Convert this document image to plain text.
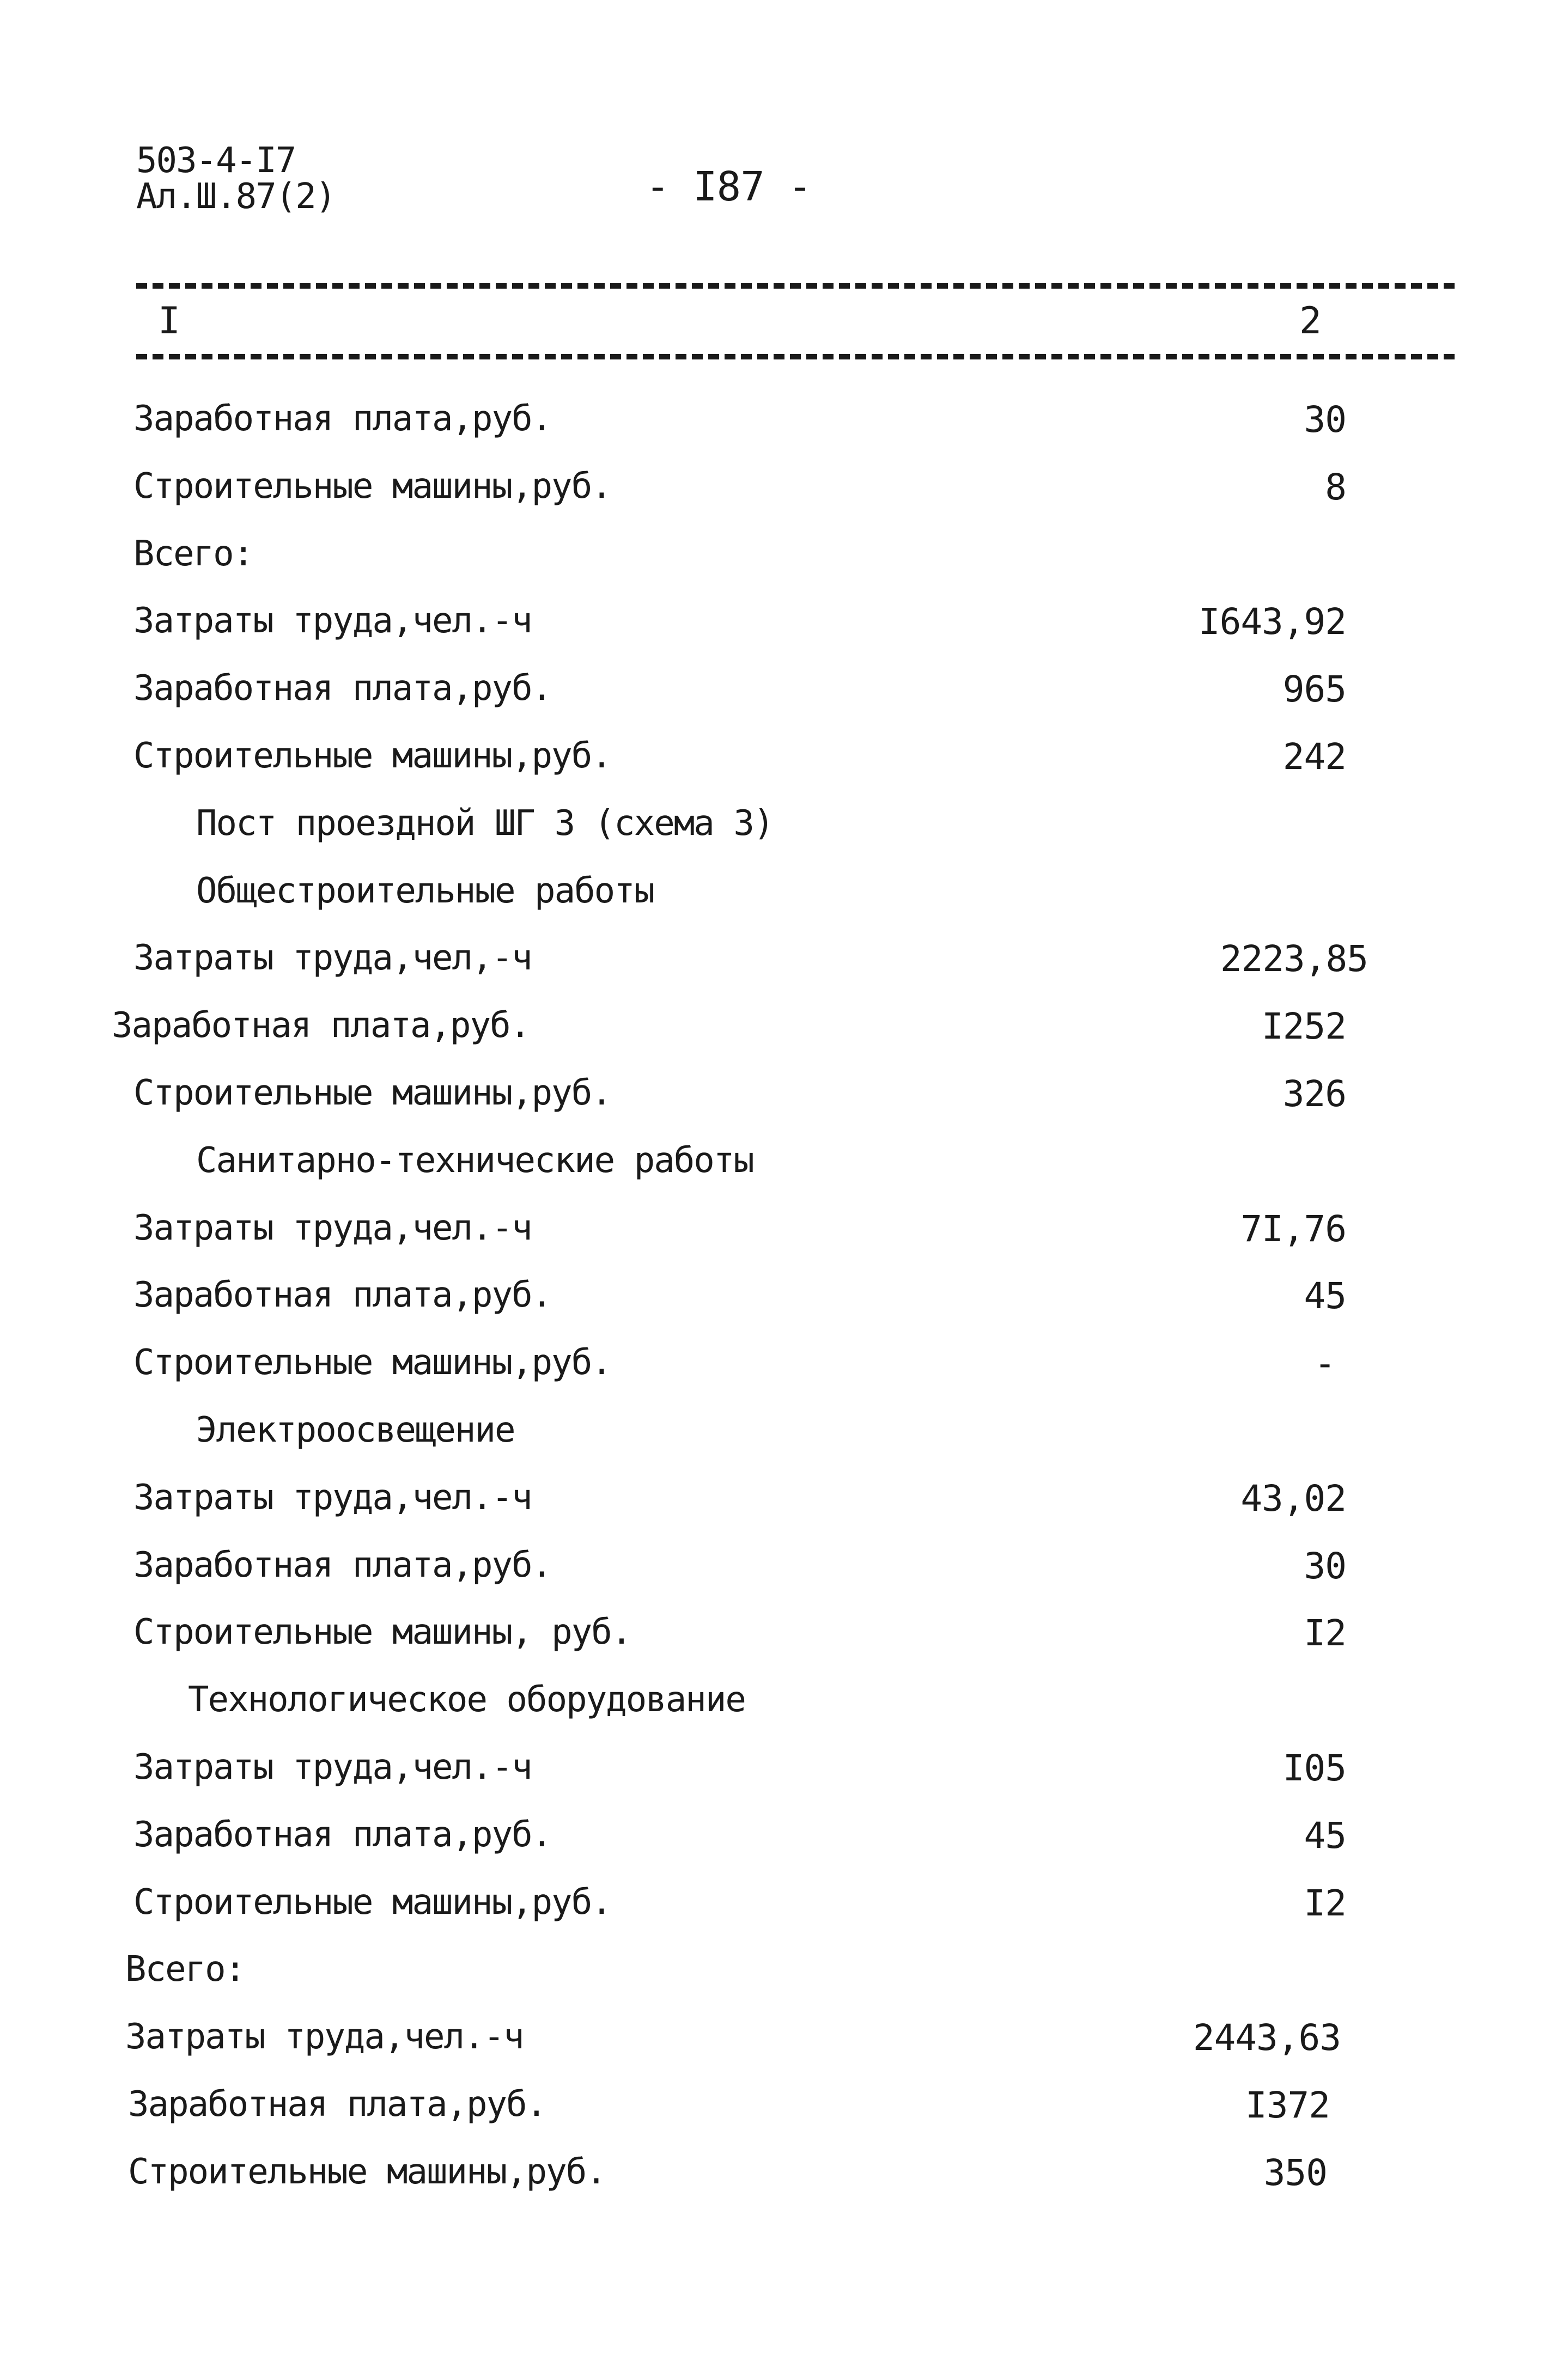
503-4-I7
Ал.Ш.87(2)	- I87 -
I	2
Заработная плата,руб.	30
Строительные машины,руб.	8
Всего:
Затраты труда,чел.-ч	I643,92
Заработная плата,руб.	965
Строительные машины,руб.	242
Пост проездной ШГ 3 (схема 3)
Общестроительные работы
Затраты труда,чел,-ч	2223,85
Заработная плата,руб.	I252
Строительные машины,руб.	326
Санитарно-технические работы
Затраты труда,чел.-ч	7I,76
Заработная плата,руб.	45
Строительные машины,руб.	-
Электроосвещение
Затраты труда,чел.-ч	43,02
Заработная плата,руб.	30
Строительные машины, руб.	I2
Технологическое оборудование
Затраты труда,чел.-ч	I05
Заработная плата,руб.	45
Строительные машины,руб.	I2
Всего:
Затраты труда,чел.-ч	2443,63
Заработная плата,руб.	I372
Строительные машины,руб.	350
